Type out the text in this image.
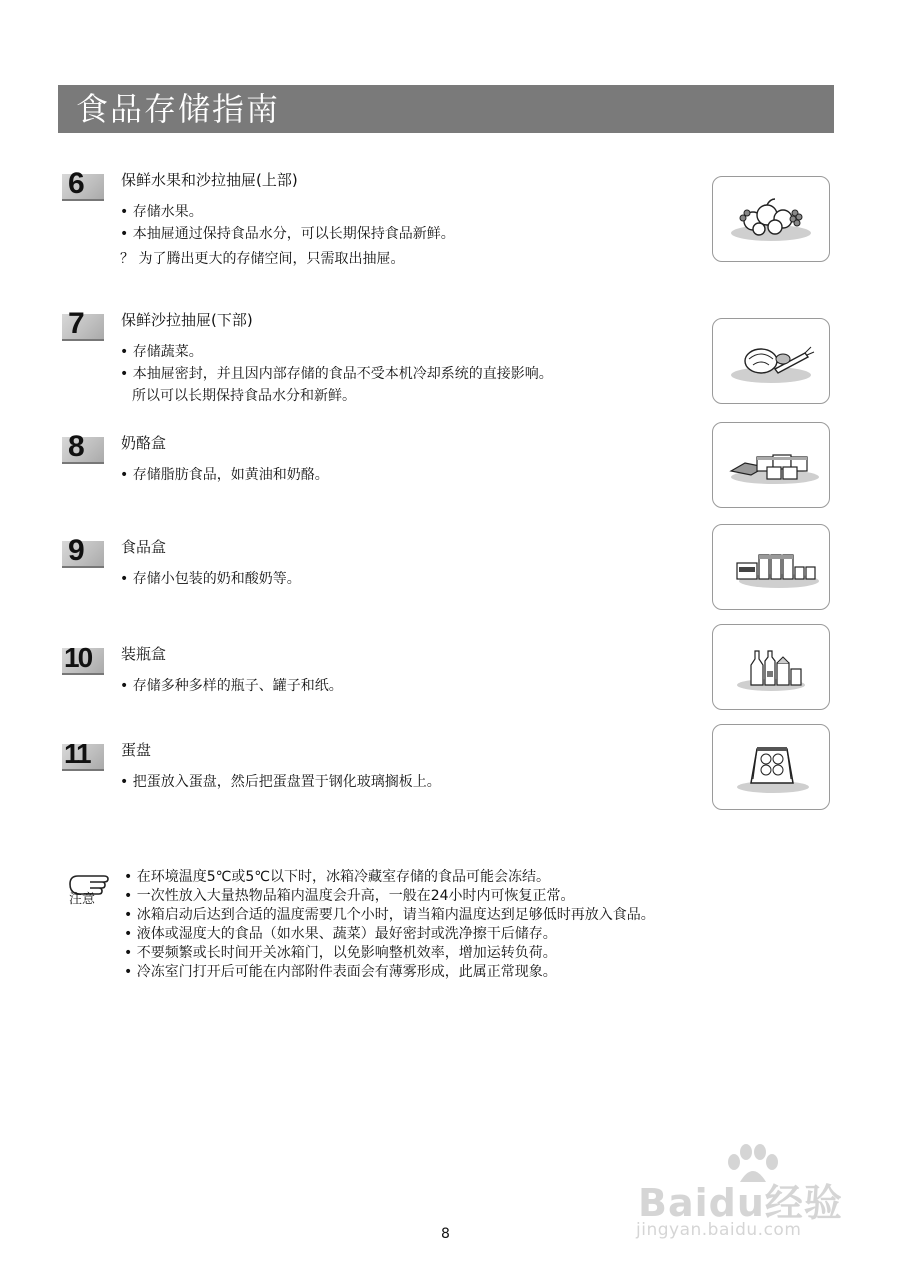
食品存储指南
6 保鲜水果和沙拉抽屉(上部)
• 存储水果。
• 本抽屉通过保持食品水分，可以长期保持食品新鲜。
？ 为了腾出更大的存储空间，只需取出抽屉。
7 保鲜沙拉抽屉(下部)
• 存储蔬菜。
• 本抽屉密封，并且因内部存储的食品不受本机冷却系统的直接影响。
所以可以长期保持食品水分和新鲜。
8 奶酪盒
• 存储脂肪食品，如黄油和奶酪。
9 食品盒
• 存储小包装的奶和酸奶等。
10 装瓶盒
• 存储多种多样的瓶子、罐子和纸。
11 蛋盘
• 把蛋放入蛋盘，然后把蛋盘置于钢化玻璃搁板上。
注意
• 在环境温度5℃或5℃以下时，冰箱冷藏室存储的食品可能会冻结。
• 一次性放入大量热物品箱内温度会升高，一般在24小时内可恢复正常。
• 冰箱启动后达到合适的温度需要几个小时，请当箱内温度达到足够低时再放入食品。
• 液体或湿度大的食品（如水果、蔬菜）最好密封或洗净擦干后储存。
• 不要频繁或长时间开关冰箱门，以免影响整机效率，增加运转负荷。
• 冷冻室门打开后可能在内部附件表面会有薄雾形成，此属正常现象。
Baidu经验
jingyan.baidu.com
8
